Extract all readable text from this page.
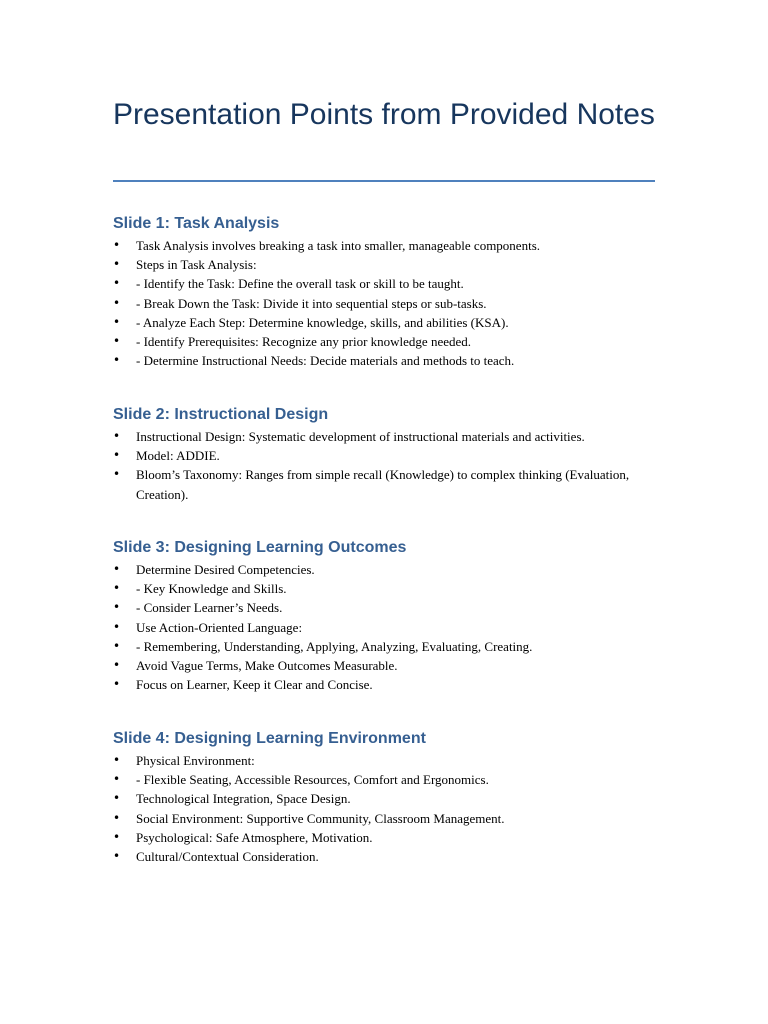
Presentation Points from Provided Notes
Slide 1: Task Analysis
• Task Analysis involves breaking a task into smaller, manageable components.
• Steps in Task Analysis:
• - Identify the Task: Define the overall task or skill to be taught.
• - Break Down the Task: Divide it into sequential steps or sub-tasks.
• - Analyze Each Step: Determine knowledge, skills, and abilities (KSA).
• - Identify Prerequisites: Recognize any prior knowledge needed.
• - Determine Instructional Needs: Decide materials and methods to teach.
Slide 2: Instructional Design
• Instructional Design: Systematic development of instructional materials and activities.
• Model: ADDIE.
• Bloom’s Taxonomy: Ranges from simple recall (Knowledge) to complex thinking (Evaluation, Creation).
Slide 3: Designing Learning Outcomes
• Determine Desired Competencies.
• - Key Knowledge and Skills.
• - Consider Learner’s Needs.
• Use Action-Oriented Language:
• - Remembering, Understanding, Applying, Analyzing, Evaluating, Creating.
• Avoid Vague Terms, Make Outcomes Measurable.
• Focus on Learner, Keep it Clear and Concise.
Slide 4: Designing Learning Environment
• Physical Environment:
• - Flexible Seating, Accessible Resources, Comfort and Ergonomics.
• Technological Integration, Space Design.
• Social Environment: Supportive Community, Classroom Management.
• Psychological: Safe Atmosphere, Motivation.
• Cultural/Contextual Consideration.
